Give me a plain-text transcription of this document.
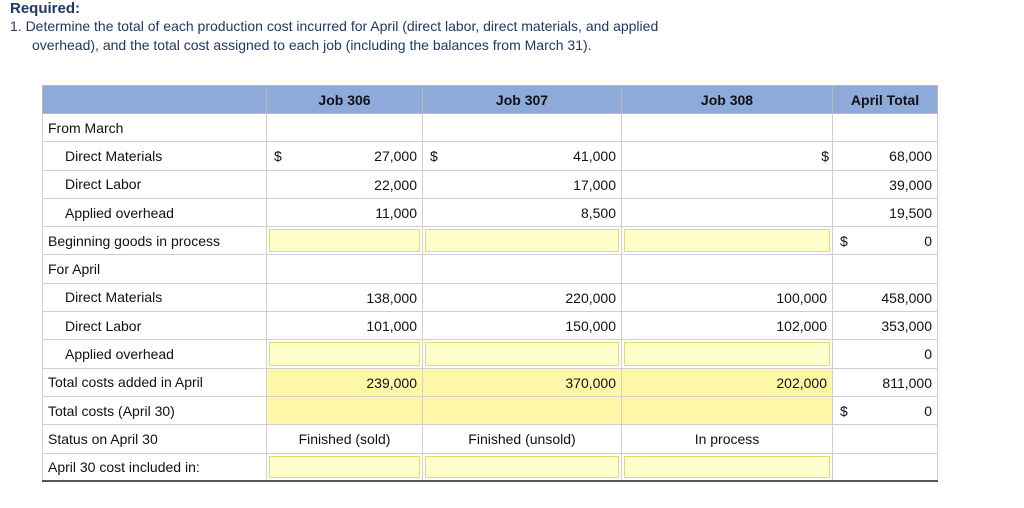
Required:
1. Determine the total of each production cost incurred for April (direct labor, direct materials, and applied
overhead), and the total cost assigned to each job (including the balances from March 31).
	Job 306	Job 307	Job 308	April Total
From March				
Direct Materials	$ 27,000	$ 41,000	$	68,000

Direct Labor	22,000	17,000		39,000

Applied overhead	11,000	8,500		19,500

Beginning goods in process				$ 0

For April				
Direct Materials	138,000	220,000	100,000	458,000

Direct Labor	101,000	150,000	102,000	353,000

Applied overhead				0

Total costs added in April	239,000	370,000	202,000	811,000

Total costs (April 30)				$ 0

Status on April 30	Finished (sold)	Finished (unsold)	In process	
April 30 cost included in:	
